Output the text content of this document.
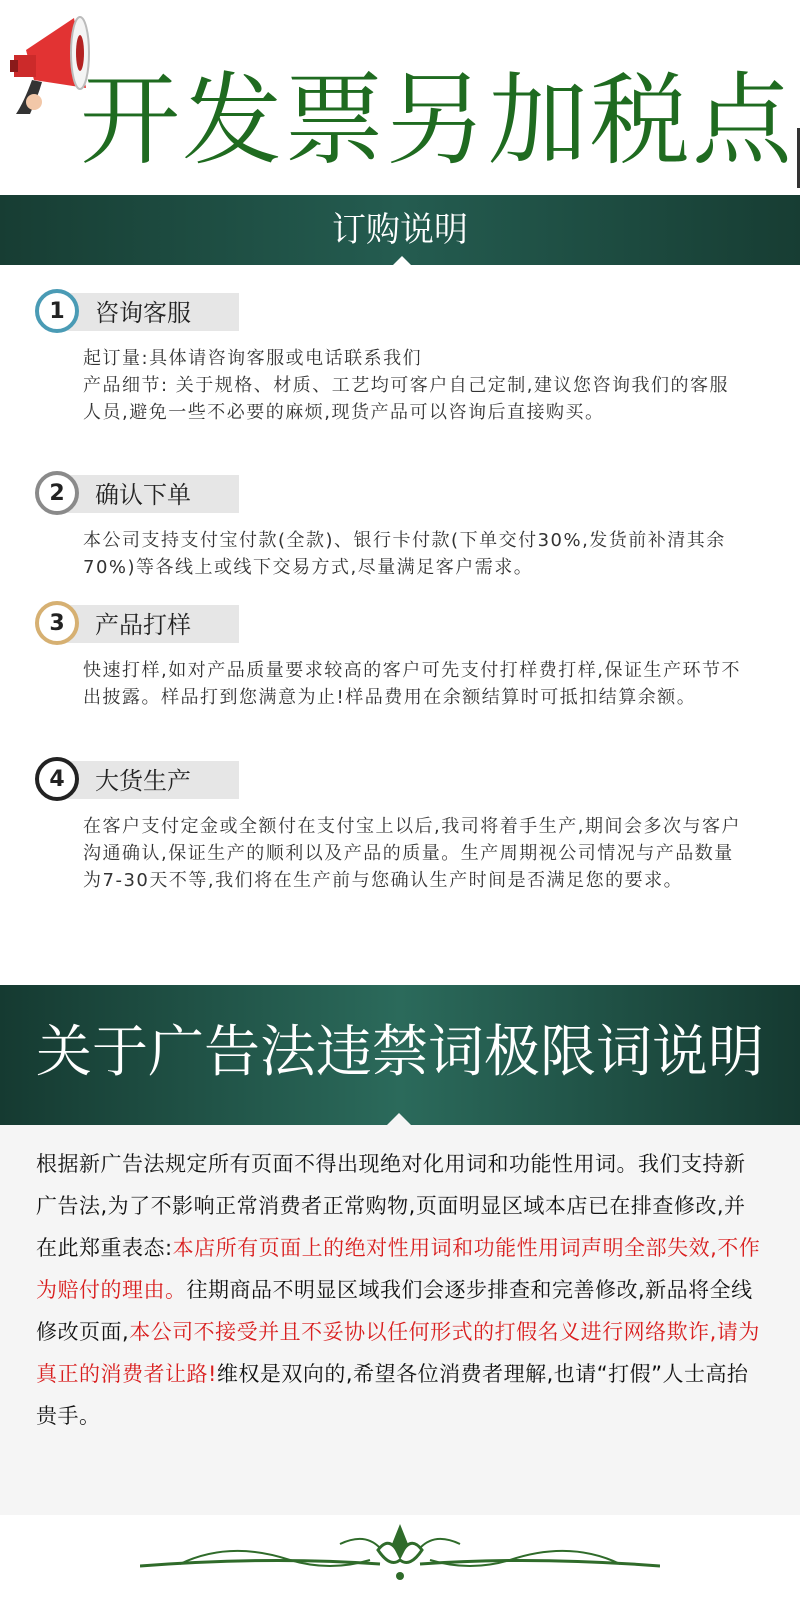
开发票另加税点
订购说明
1	咨询客服
起订量:具体请咨询客服或电话联系我们
产品细节: 关于规格、材质、工艺均可客户自己定制,建议您咨询我们的客服人员,避免一些不必要的麻烦,现货产品可以咨询后直接购买。
2	确认下单
本公司支持支付宝付款(全款)、银行卡付款(下单交付30%,发货前补清其余70%)等各线上或线下交易方式,尽量满足客户需求。
3	产品打样
快速打样,如对产品质量要求较高的客户可先支付打样费打样,保证生产环节不出披露。样品打到您满意为止!样品费用在余额结算时可抵扣结算余额。
4	大货生产
在客户支付定金或全额付在支付宝上以后,我司将着手生产,期间会多次与客户沟通确认,保证生产的顺利以及产品的质量。生产周期视公司情况与产品数量为7-30天不等,我们将在生产前与您确认生产时间是否满足您的要求。
关于广告法违禁词极限词说明
根据新广告法规定所有页面不得出现绝对化用词和功能性用词。我们支持新广告法,为了不影响正常消费者正常购物,页面明显区域本店已在排查修改,并在此郑重表态:本店所有页面上的绝对性用词和功能性用词声明全部失效,不作为赔付的理由。往期商品不明显区域我们会逐步排查和完善修改,新品将全线修改页面,本公司不接受并且不妥协以任何形式的打假名义进行网络欺诈,请为真正的消费者让路!维权是双向的,希望各位消费者理解,也请“打假”人士高抬贵手。
